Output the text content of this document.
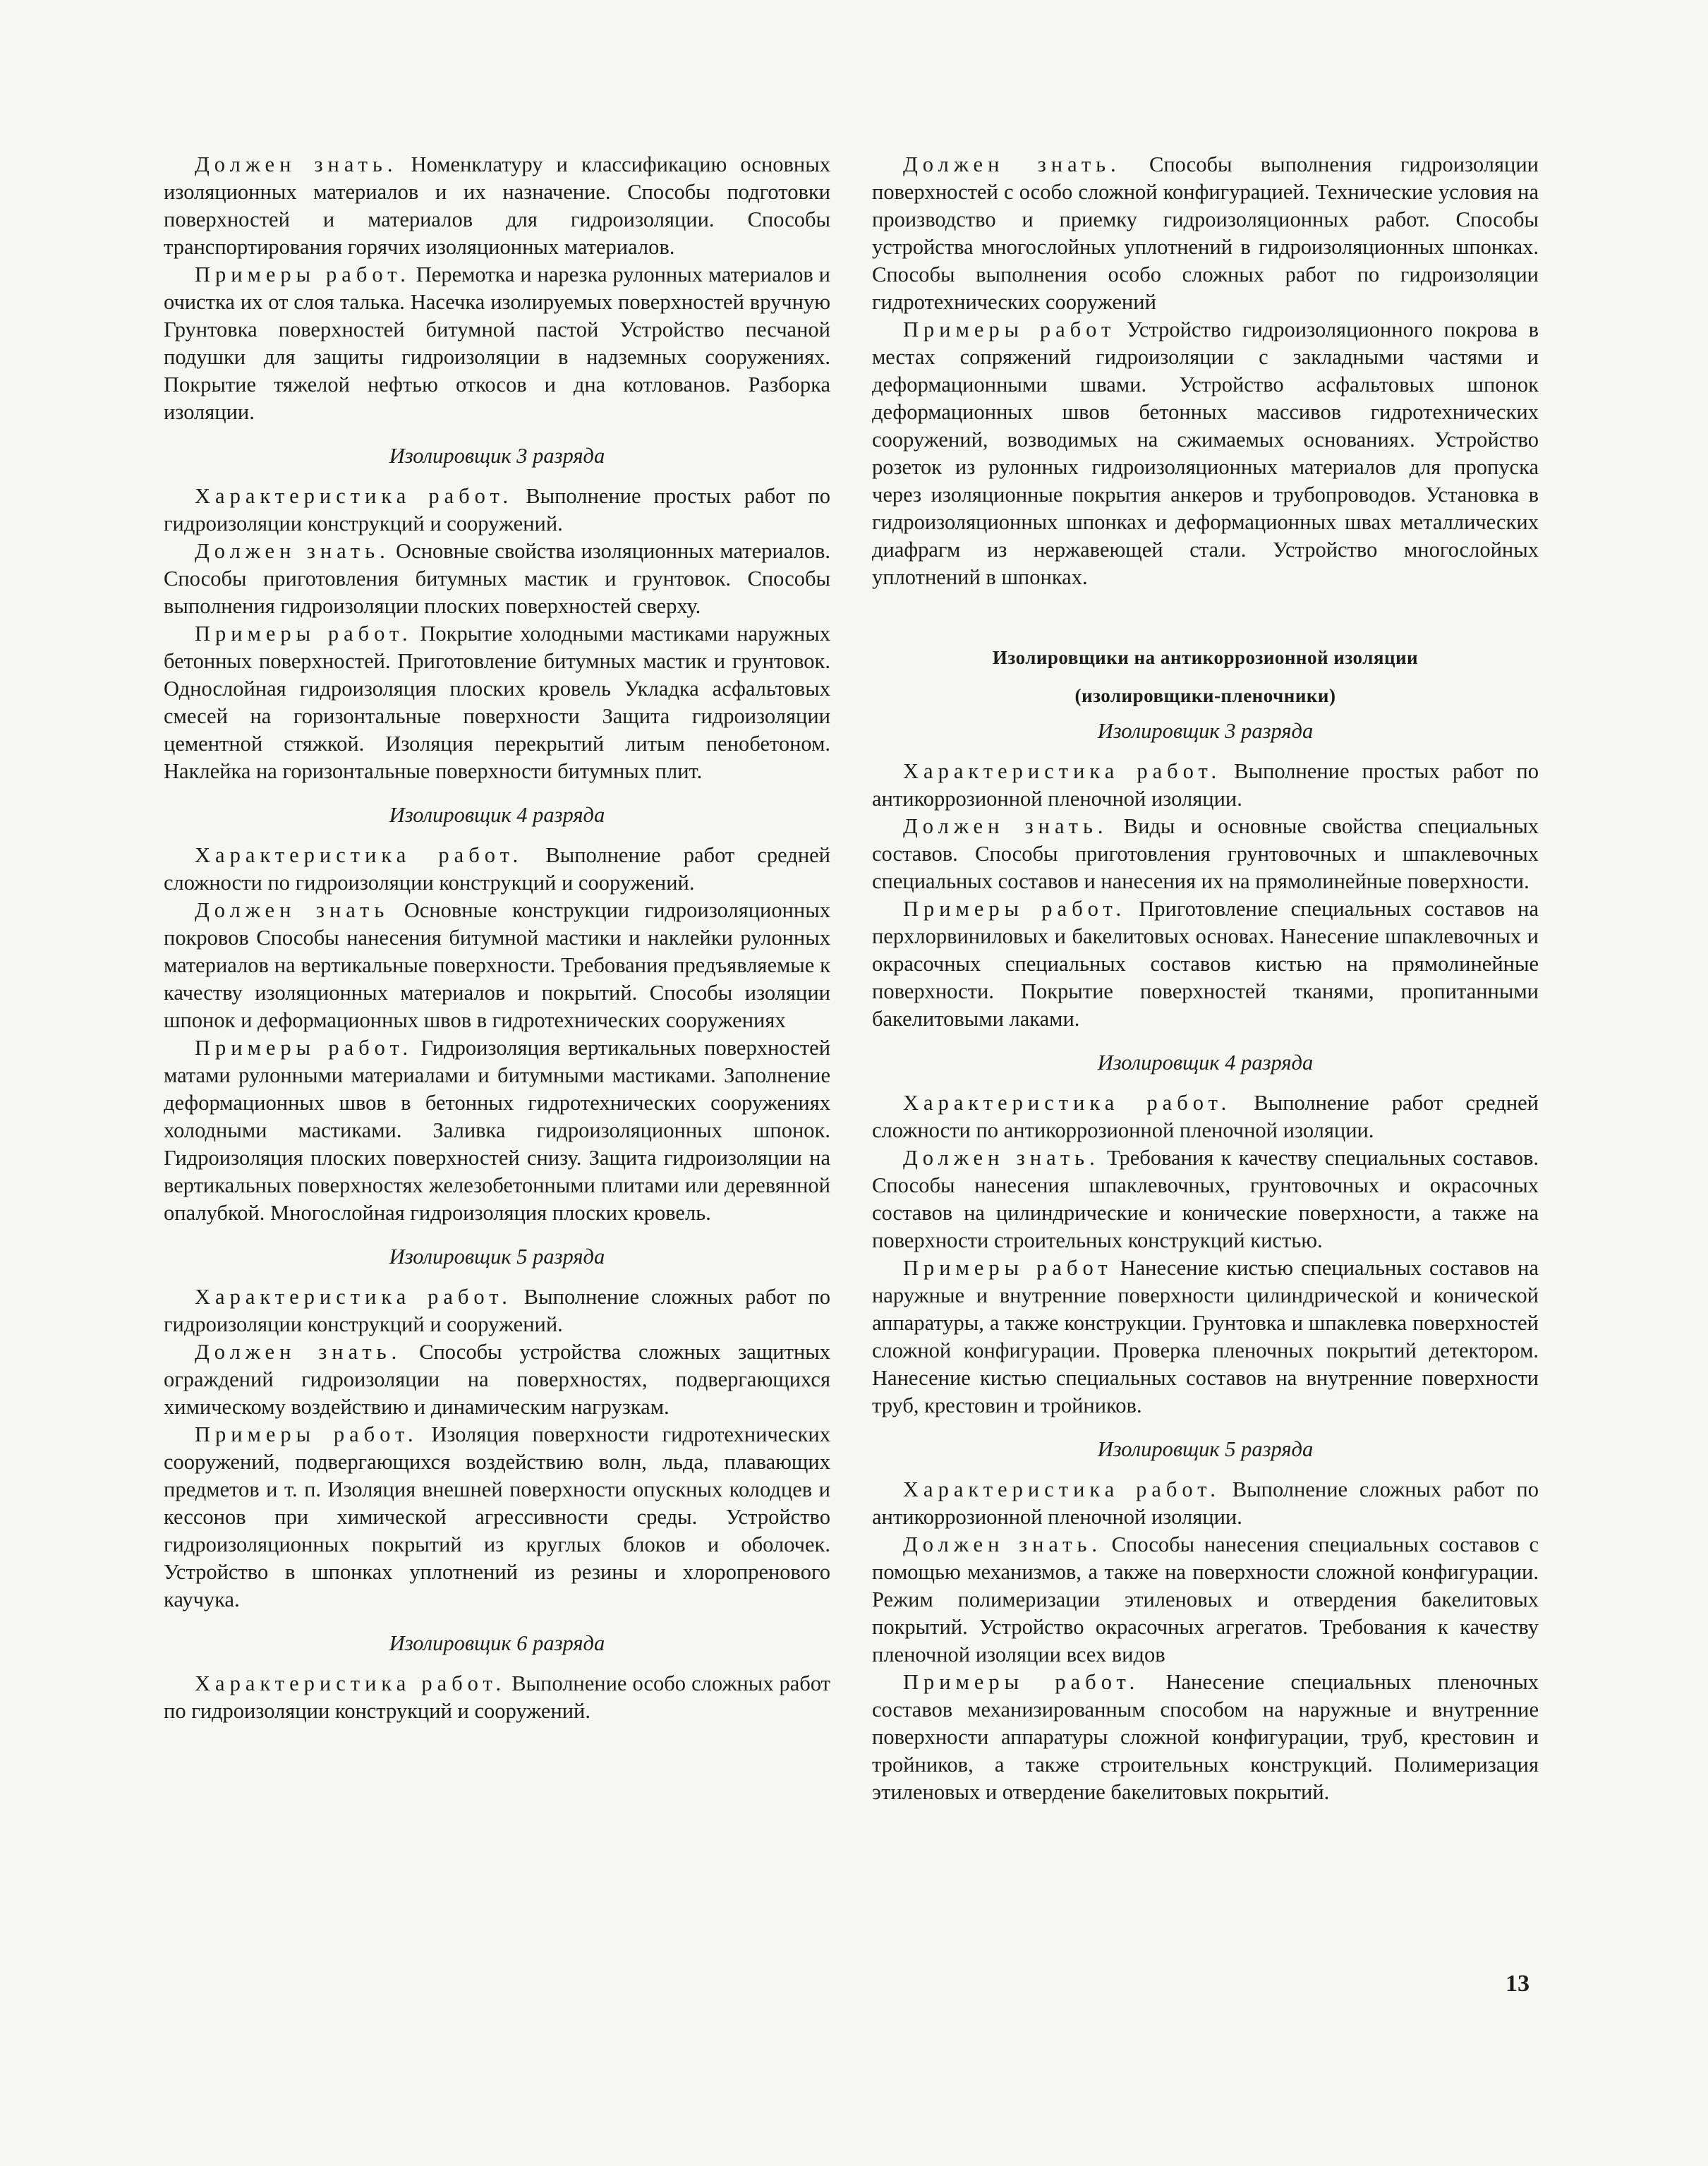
Должен знать. Номенклатуру и классификацию основных изоляционных материалов и их назначение. Способы подготовки поверхностей и материалов для гидроизоляции. Способы транспортирования горячих изоляционных материалов.

Примеры работ. Перемотка и нарезка рулонных материалов и очистка их от слоя талька. Насечка изолируемых поверхностей вручную Грунтовка поверхностей битумной пастой Устройство песчаной подушки для защиты гидроизоляции в надземных сооружениях. Покрытие тяжелой нефтью откосов и дна котлованов. Разборка изоляции.

Изолировщик 3 разряда

Характеристика работ. Выполнение простых работ по гидроизоляции конструкций и сооружений.

Должен знать. Основные свойства изоляционных материалов. Способы приготовления битумных мастик и грунтовок. Способы выполнения гидроизоляции плоских поверхностей сверху.

Примеры работ. Покрытие холодными мастиками наружных бетонных поверхностей. Приготовление битумных мастик и грунтовок. Однослойная гидроизоляция плоских кровель Укладка асфальтовых смесей на горизонтальные поверхности Защита гидроизоляции цементной стяжкой. Изоляция перекрытий литым пенобетоном. Наклейка на горизонтальные поверхности битумных плит.

Изолировщик 4 разряда

Характеристика работ. Выполнение работ средней сложности по гидроизоляции конструкций и сооружений.

Должен знать Основные конструкции гидроизоляционных покровов Способы нанесения битумной мастики и наклейки рулонных материалов на вертикальные поверхности. Требования предъявляемые к качеству изоляционных материалов и покрытий. Способы изоляции шпонок и деформационных швов в гидротехнических сооружениях

Примеры работ. Гидроизоляция вертикальных поверхностей матами рулонными материалами и битумными мастиками. Заполнение деформационных швов в бетонных гидротехнических сооружениях холодными мастиками. Заливка гидроизоляционных шпонок. Гидроизоляция плоских поверхностей снизу. Защита гидроизоляции на вертикальных поверхностях железобетонными плитами или деревянной опалубкой. Многослойная гидроизоляция плоских кровель.

Изолировщик 5 разряда

Характеристика работ. Выполнение сложных работ по гидроизоляции конструкций и сооружений.

Должен знать. Способы устройства сложных защитных ограждений гидроизоляции на поверхностях, подвергающихся химическому воздействию и динамическим нагрузкам.

Примеры работ. Изоляция поверхности гидротехнических сооружений, подвергающихся воздействию волн, льда, плавающих предметов и т. п. Изоляция внешней поверхности опускных колодцев и кессонов при химической агрессивности среды. Устройство гидроизоляционных покрытий из круглых блоков и оболочек. Устройство в шпонках уплотнений из резины и хлоропренового каучука.

Изолировщик 6 разряда

Характеристика работ. Выполнение особо сложных работ по гидроизоляции конструкций и сооружений.

Должен знать. Способы выполнения гидроизоляции поверхностей с особо сложной конфигурацией. Технические условия на производство и приемку гидроизоляционных работ. Способы устройства многослойных уплотнений в гидроизоляционных шпонках. Способы выполнения особо сложных работ по гидроизоляции гидротехнических сооружений

Примеры работ Устройство гидроизоляционного покрова в местах сопряжений гидроизоляции с закладными частями и деформационными швами. Устройство асфальтовых шпонок деформационных швов бетонных массивов гидротехнических сооружений, возводимых на сжимаемых основаниях. Устройство розеток из рулонных гидроизоляционных материалов для пропуска через изоляционные покрытия анкеров и трубопроводов. Установка в гидроизоляционных шпонках и деформационных швах металлических диафрагм из нержавеющей стали. Устройство многослойных уплотнений в шпонках.

Изолировщики на антикоррозионной изоляции
(изолировщики-пленочники)
Изолировщик 3 разряда

Характеристика работ. Выполнение простых работ по антикоррозионной пленочной изоляции.

Должен знать. Виды и основные свойства специальных составов. Способы приготовления грунтовочных и шпаклевочных специальных составов и нанесения их на прямолинейные поверхности.

Примеры работ. Приготовление специальных составов на перхлорвиниловых и бакелитовых основах. Нанесение шпаклевочных и окрасочных специальных составов кистью на прямолинейные поверхности. Покрытие поверхностей тканями, пропитанными бакелитовыми лаками.

Изолировщик 4 разряда

Характеристика работ. Выполнение работ средней сложности по антикоррозионной пленочной изоляции.

Должен знать. Требования к качеству специальных составов. Способы нанесения шпаклевочных, грунтовочных и окрасочных составов на цилиндрические и конические поверхности, а также на поверхности строительных конструкций кистью.

Примеры работ Нанесение кистью специальных составов на наружные и внутренние поверхности цилиндрической и конической аппаратуры, а также конструкции. Грунтовка и шпаклевка поверхностей сложной конфигурации. Проверка пленочных покрытий детектором. Нанесение кистью специальных составов на внутренние поверхности труб, крестовин и тройников.

Изолировщик 5 разряда

Характеристика работ. Выполнение сложных работ по антикоррозионной пленочной изоляции.

Должен знать. Способы нанесения специальных составов с помощью механизмов, а также на поверхности сложной конфигурации. Режим полимеризации этиленовых и отвердения бакелитовых покрытий. Устройство окрасочных агрегатов. Требования к качеству пленочной изоляции всех видов

Примеры работ. Нанесение специальных пленочных составов механизированным способом на наружные и внутренние поверхности аппаратуры сложной конфигурации, труб, крестовин и тройников, а также строительных конструкций. Полимеризация этиленовых и отвердение бакелитовых покрытий.

13
